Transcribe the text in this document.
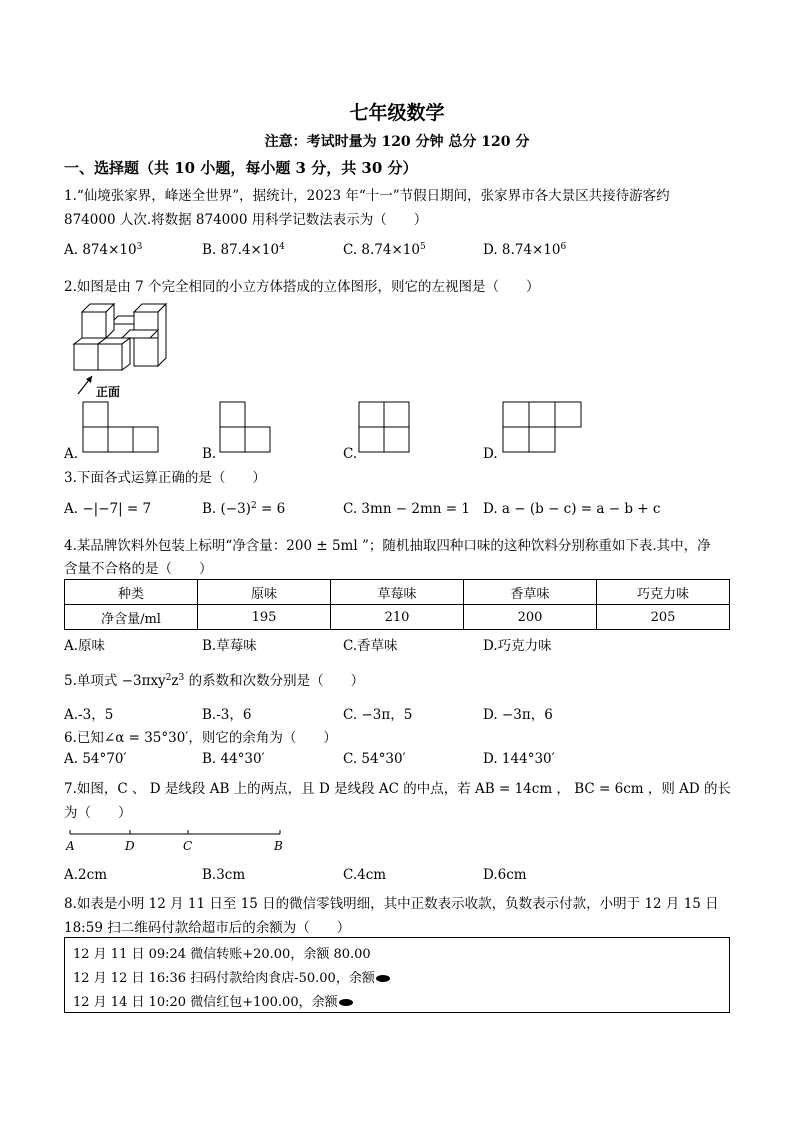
七年级数学
注意：考试时量为 120 分钟 总分 120 分
一、选择题（共 10 小题，每小题 3 分，共 30 分）
1.“仙境张家界，峰迷全世界”，据统计，2023 年“十一”节假日期间，张家界市各大景区共接待游客约
874000 人次.将数据 874000 用科学记数法表示为（　　）
A. $874\times 10^3$	B. $87.4\times 10^4$	C. $8.74\times 10^5$	D. $8.74\times 10^6$
2.如图是由 7 个完全相同的小立方体搭成的立体图形，则它的左视图是（　　）
正面
A.	B.	C.	D.
3.下面各式运算正确的是（　　）
A. −|−7| = 7	B. $(-3)^2 = 6$	C. 3mn − 2mn = 1 D. a − (b − c) = a − b + c
4.某品牌饮料外包装上标明“净含量：200 ± 5ml ”；随机抽取四种口味的这种饮料分别称重如下表.其中，净
含量不合格的是（　　）
种类	原味	草莓味	香草味	巧克力味
净含量/ml	195	210	200	205
A.原味	B.草莓味	C.香草味	D.巧克力味
5.单项式 $-3\pi xy^2z^3$ 的系数和次数分别是（　　）
A.-3，5	B.-3，6	C. −3π，5	D. −3π，6
6.已知∠α = 35°30′，则它的余角为（　　）
A. 54°70′	B. 44°30′	C. 54°30′	D. 144°30′
7.如图，C 、 D 是线段 AB 上的两点，且 D 是线段 AC 的中点，若 AB = 14cm ， BC = 6cm ，则 AD 的长
为（　　）
A	D	C	B
A.2cm	B.3cm	C.4cm	D.6cm
8.如表是小明 12 月 11 日至 15 日的微信零钱明细，其中正数表示收款，负数表示付款，小明于 12 月 15 日
18:59 扫二维码付款给超市后的余额为（　　）
12 月 11 日 09:24 微信转账+20.00，余额 80.00
12 月 12 日 16:36 扫码付款给肉食店-50.00，余额
12 月 14 日 10:20 微信红包+100.00，余额
